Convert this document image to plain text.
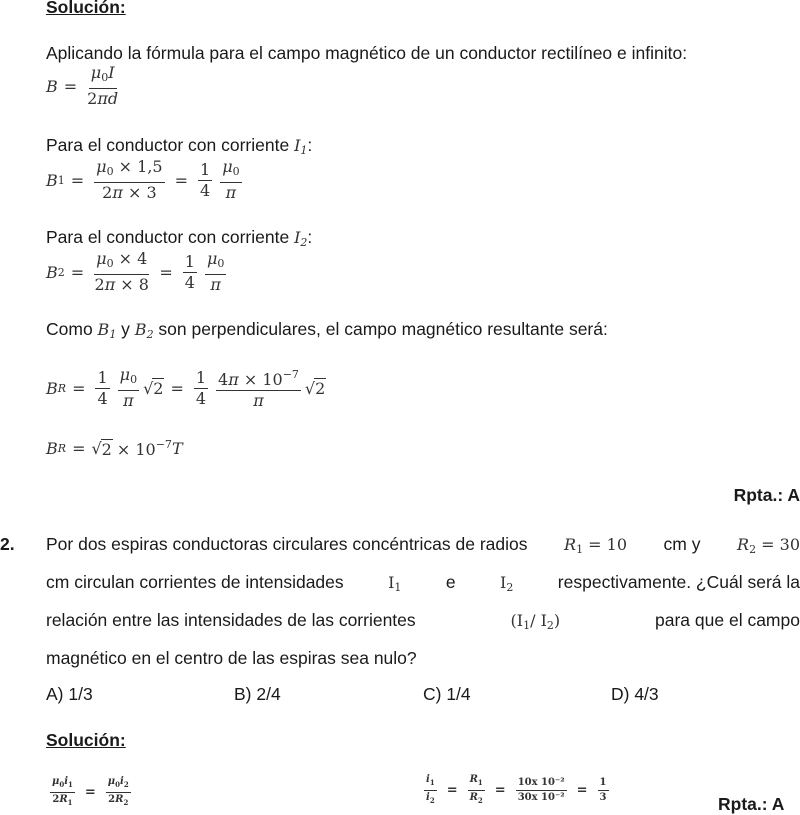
Solución:
Aplicando la fórmula para el campo magnético de un conductor rectilíneo e infinito:
$B = \frac{\mu_0I}{2\pi d}$
Para el conductor con corriente $I_1$:
B $1 = \frac{\mu_0 \times 1,5}{2\pi \times 3} = \frac{1}{4} \frac{\mu_0}{\pi}$
Para el conductor con corriente $I_2$:
B $2 = \frac{\mu_0 \times 4}{2\pi \times 8} = \frac{1}{4} \frac{\mu_0}{\pi}$
Como $B_1$ y $B_2$ son perpendiculares, el campo magnético resultante será:
B $R = \frac{1}{4} \frac{\mu_0}{\pi}$ √ $2 = \frac{1}{4} \frac{4\pi \times 10^{-7}}{\pi}$ √ 2
B R = √ $2 \times 10^{-7}$ T
Rpta.: A
2. Por dos espiras conductoras circulares concéntricas de radios $R_1 = 10$ cm y $R_2 = 30$
cm circulan corrientes de intensidades	$I_1$	e	$I_2$	respectivamente. ¿Cuál será la
relación entre las intensidades de las corrientes	($I_1/$ $I_2$)	para que el campo
magnético en el centro de las espiras sea nulo?
A) 1/3	B) 2/4	C) 1/4	D) 4/3
Solución:
$\frac{\mu_0i_1}{2R_1} = \frac{\mu_0i_2}{2R_2}$	$\frac{i_1}{i_2} = \frac{R_1}{R_2} = \frac{\text{10x 10⁻²}}{\text{30x 10⁻²}} = \frac{1}{3}$	Rpta.: A
